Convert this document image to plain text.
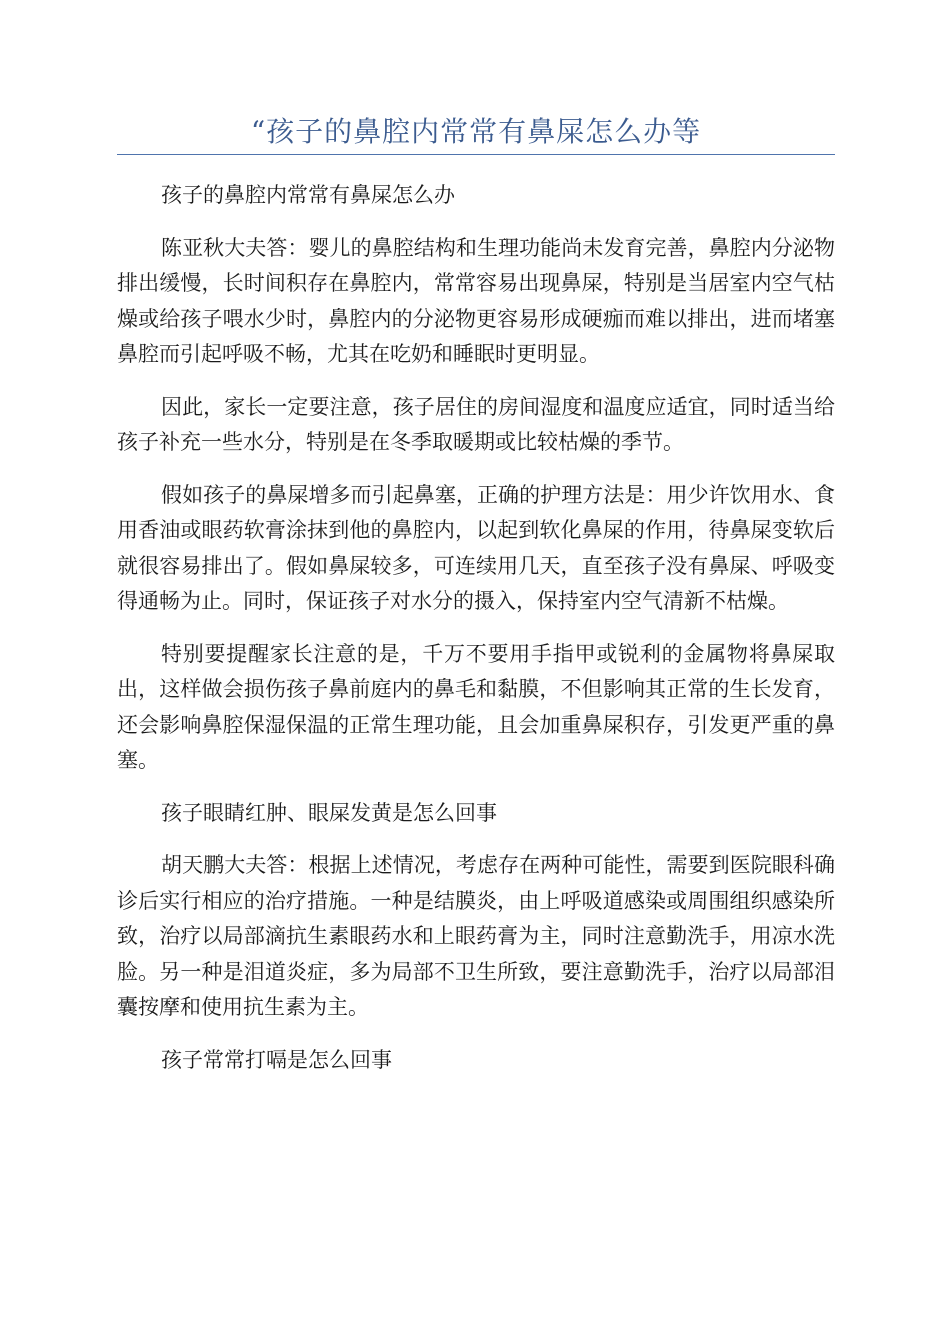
“孩子的鼻腔内常常有鼻屎怎么办等

孩子的鼻腔内常常有鼻屎怎么办

陈亚秋大夫答：婴儿的鼻腔结构和生理功能尚未发育完善，鼻腔内分泌物排出缓慢，长时间积存在鼻腔内，常常容易出现鼻屎，特别是当居室内空气枯燥或给孩子喂水少时，鼻腔内的分泌物更容易形成硬痂而难以排出，进而堵塞鼻腔而引起呼吸不畅，尤其在吃奶和睡眠时更明显。

因此，家长一定要注意，孩子居住的房间湿度和温度应适宜，同时适当给孩子补充一些水分，特别是在冬季取暖期或比较枯燥的季节。

假如孩子的鼻屎增多而引起鼻塞，正确的护理方法是：用少许饮用水、食用香油或眼药软膏涂抹到他的鼻腔内，以起到软化鼻屎的作用，待鼻屎变软后就很容易排出了。假如鼻屎较多，可连续用几天，直至孩子没有鼻屎、呼吸变得通畅为止。同时，保证孩子对水分的摄入，保持室内空气清新不枯燥。

特别要提醒家长注意的是，千万不要用手指甲或锐利的金属物将鼻屎取出，这样做会损伤孩子鼻前庭内的鼻毛和黏膜，不但影响其正常的生长发育，还会影响鼻腔保湿保温的正常生理功能，且会加重鼻屎积存，引发更严重的鼻塞。

孩子眼睛红肿、眼屎发黄是怎么回事

胡天鹏大夫答：根据上述情况，考虑存在两种可能性，需要到医院眼科确诊后实行相应的治疗措施。一种是结膜炎，由上呼吸道感染或周围组织感染所致，治疗以局部滴抗生素眼药水和上眼药膏为主，同时注意勤洗手，用凉水洗脸。另一种是泪道炎症，多为局部不卫生所致，要注意勤洗手，治疗以局部泪囊按摩和使用抗生素为主。

孩子常常打嗝是怎么回事
